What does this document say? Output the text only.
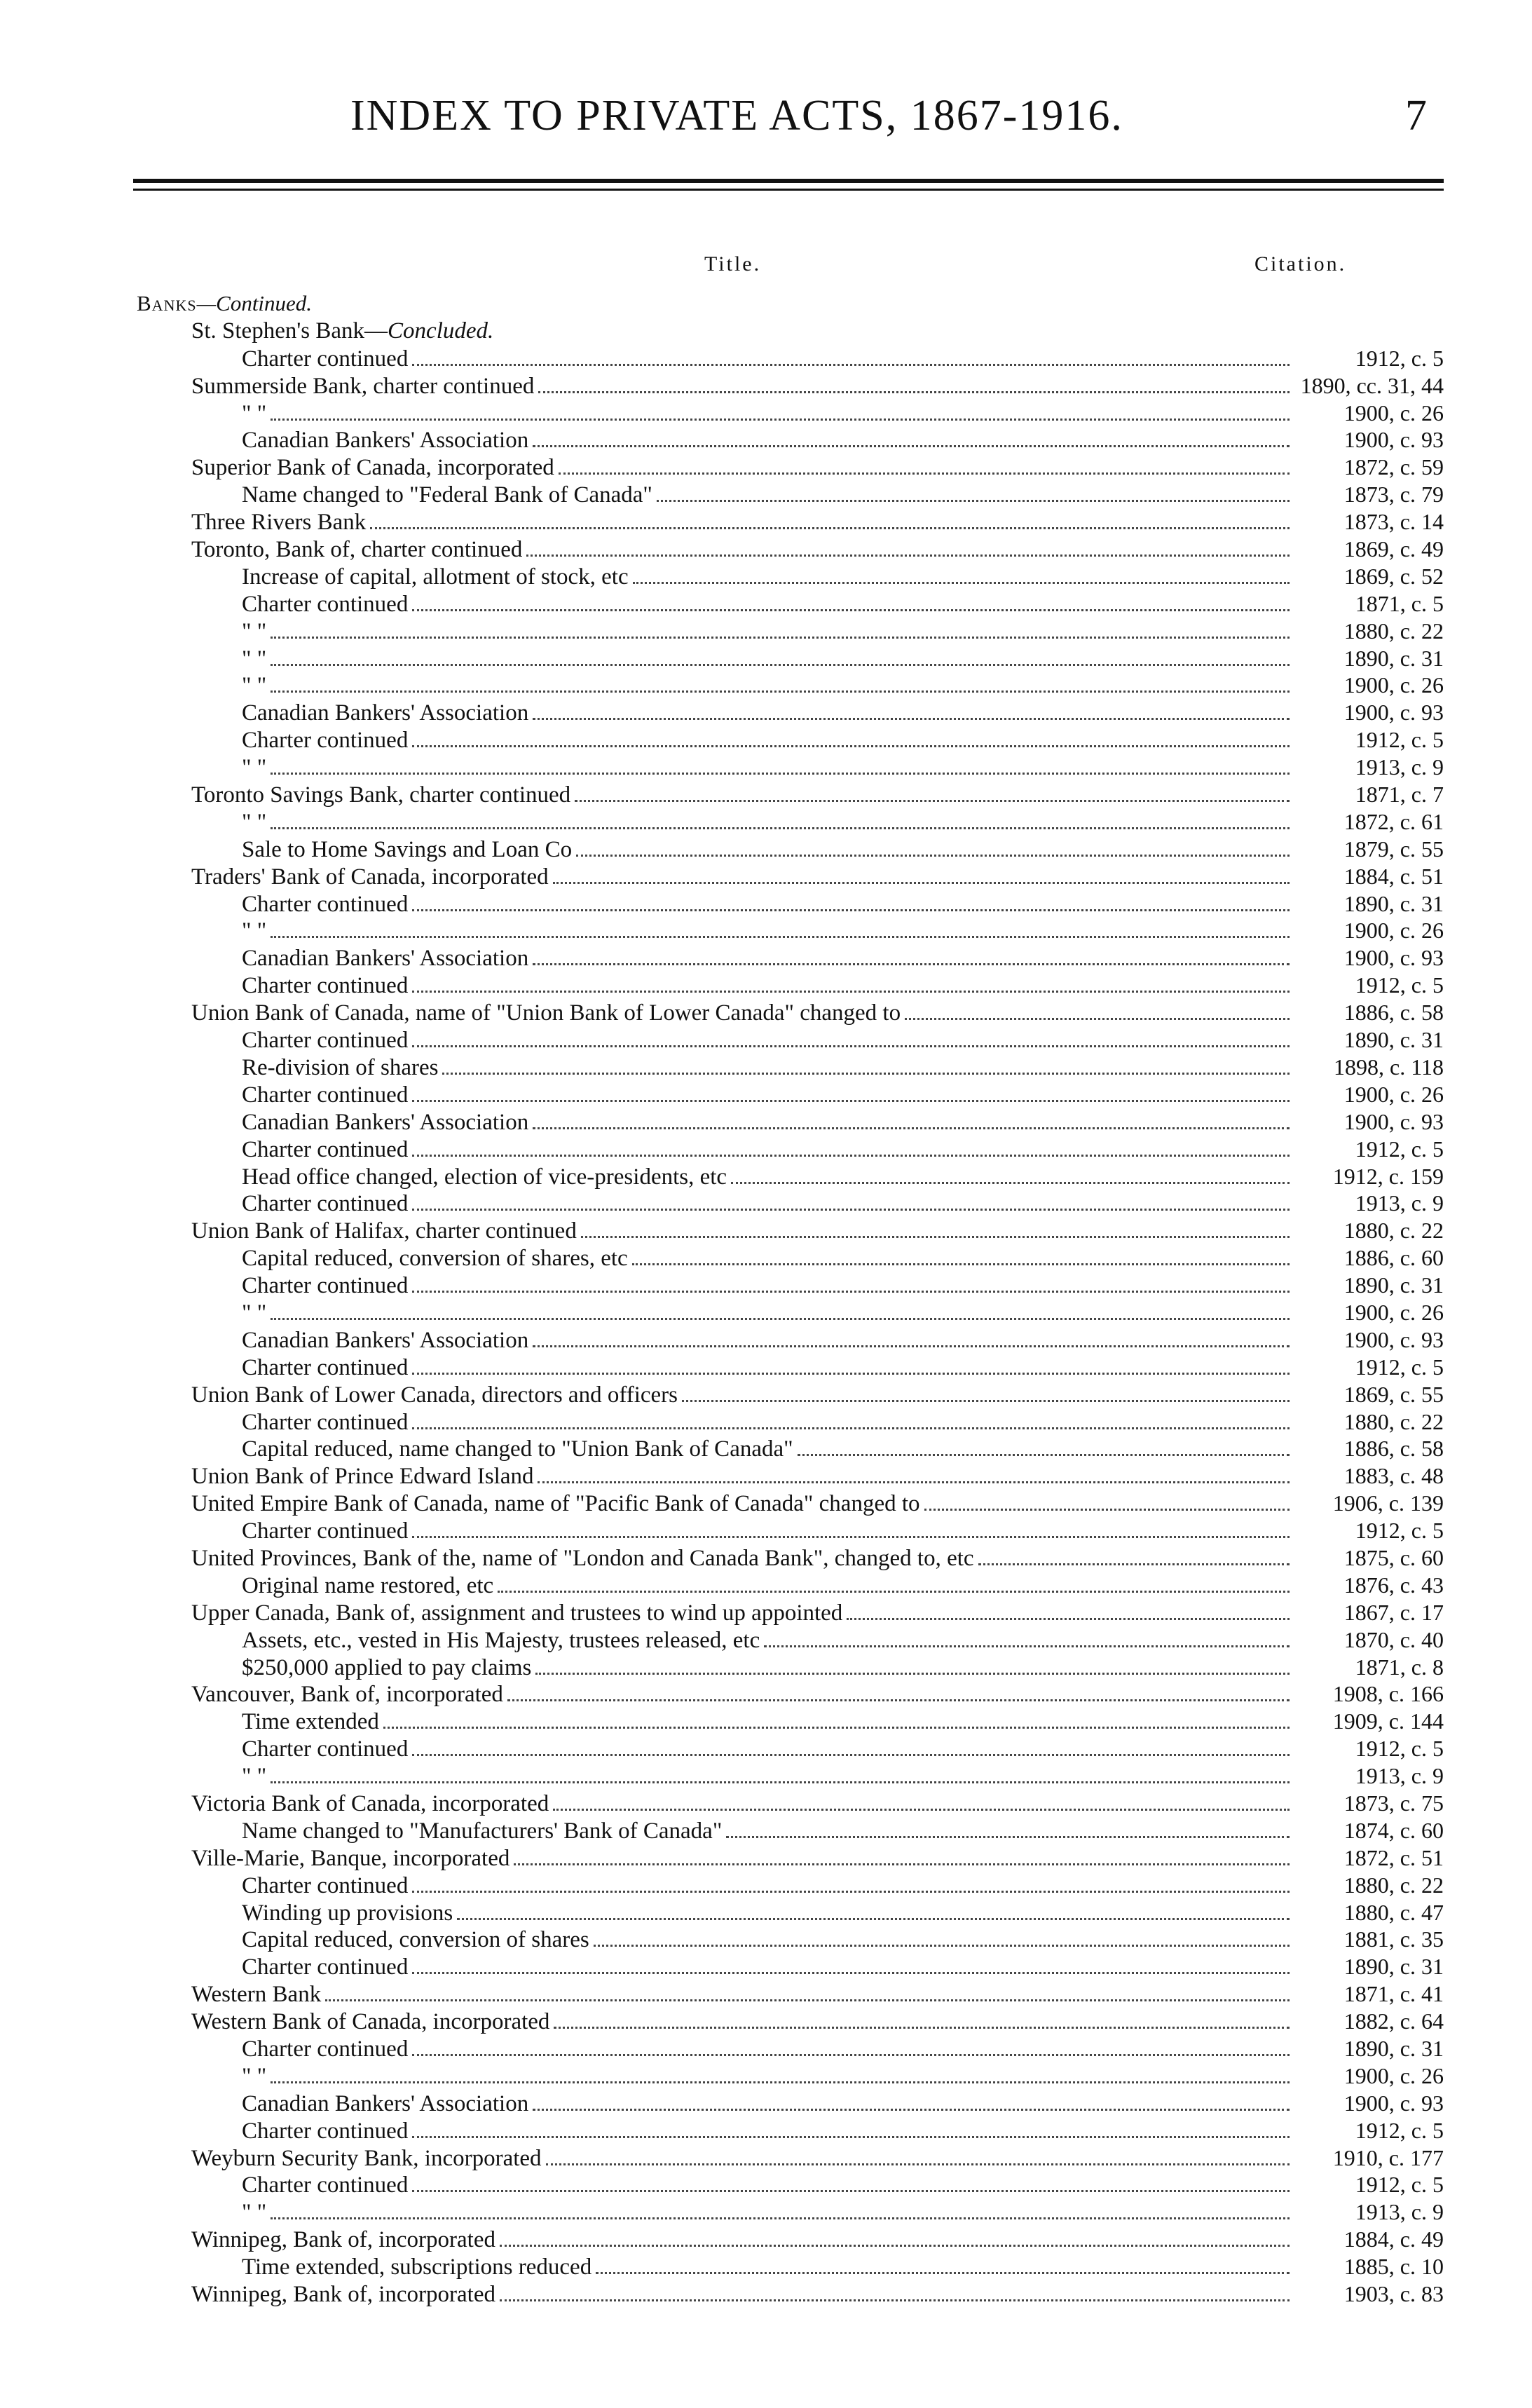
INDEX TO PRIVATE ACTS, 1867-1916.	7
Title.	Citation.
Banks—Continued.
St. Stephen's Bank—Concluded.
Charter continued	1912, c. 5
Summerside Bank, charter continued	1890, cc. 31, 44
" "	1900, c. 26
Canadian Bankers' Association	1900, c. 93
Superior Bank of Canada, incorporated	1872, c. 59
Name changed to "Federal Bank of Canada"	1873, c. 79
Three Rivers Bank	1873, c. 14
Toronto, Bank of, charter continued	1869, c. 49
Increase of capital, allotment of stock, etc	1869, c. 52
Charter continued	1871, c. 5
" "	1880, c. 22
" "	1890, c. 31
" "	1900, c. 26
Canadian Bankers' Association	1900, c. 93
Charter continued	1912, c. 5
" "	1913, c. 9
Toronto Savings Bank, charter continued	1871, c. 7
" "	1872, c. 61
Sale to Home Savings and Loan Co	1879, c. 55
Traders' Bank of Canada, incorporated	1884, c. 51
Charter continued	1890, c. 31
" "	1900, c. 26
Canadian Bankers' Association	1900, c. 93
Charter continued	1912, c. 5
Union Bank of Canada, name of "Union Bank of Lower Canada" changed to	1886, c. 58
Charter continued	1890, c. 31
Re-division of shares	1898, c. 118
Charter continued	1900, c. 26
Canadian Bankers' Association	1900, c. 93
Charter continued	1912, c. 5
Head office changed, election of vice-presidents, etc	1912, c. 159
Charter continued	1913, c. 9
Union Bank of Halifax, charter continued	1880, c. 22
Capital reduced, conversion of shares, etc	1886, c. 60
Charter continued	1890, c. 31
" "	1900, c. 26
Canadian Bankers' Association	1900, c. 93
Charter continued	1912, c. 5
Union Bank of Lower Canada, directors and officers	1869, c. 55
Charter continued	1880, c. 22
Capital reduced, name changed to "Union Bank of Canada"	1886, c. 58
Union Bank of Prince Edward Island	1883, c. 48
United Empire Bank of Canada, name of "Pacific Bank of Canada" changed to	1906, c. 139
Charter continued	1912, c. 5
United Provinces, Bank of the, name of "London and Canada Bank", changed to, etc	1875, c. 60
Original name restored, etc	1876, c. 43
Upper Canada, Bank of, assignment and trustees to wind up appointed	1867, c. 17
Assets, etc., vested in His Majesty, trustees released, etc	1870, c. 40
$250,000 applied to pay claims	1871, c. 8
Vancouver, Bank of, incorporated	1908, c. 166
Time extended	1909, c. 144
Charter continued	1912, c. 5
" "	1913, c. 9
Victoria Bank of Canada, incorporated	1873, c. 75
Name changed to "Manufacturers' Bank of Canada"	1874, c. 60
Ville-Marie, Banque, incorporated	1872, c. 51
Charter continued	1880, c. 22
Winding up provisions	1880, c. 47
Capital reduced, conversion of shares	1881, c. 35
Charter continued	1890, c. 31
Western Bank	1871, c. 41
Western Bank of Canada, incorporated	1882, c. 64
Charter continued	1890, c. 31
" "	1900, c. 26
Canadian Bankers' Association	1900, c. 93
Charter continued	1912, c. 5
Weyburn Security Bank, incorporated	1910, c. 177
Charter continued	1912, c. 5
" "	1913, c. 9
Winnipeg, Bank of, incorporated	1884, c. 49
Time extended, subscriptions reduced	1885, c. 10
Winnipeg, Bank of, incorporated	1903, c. 83
